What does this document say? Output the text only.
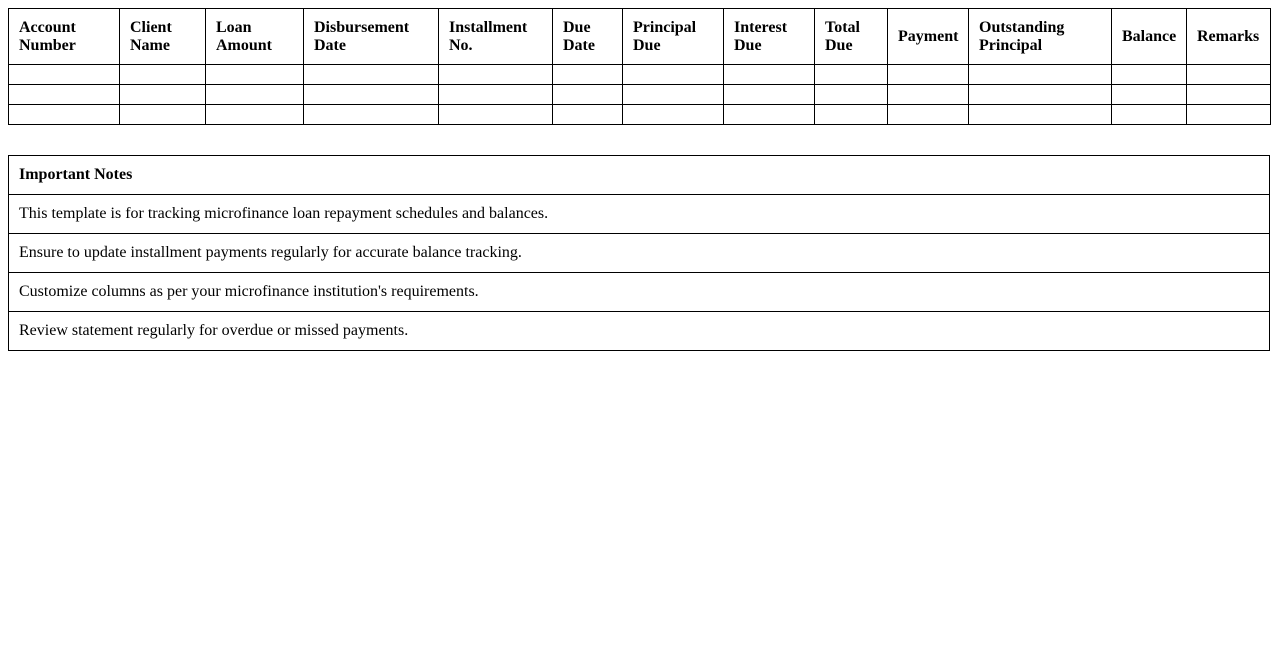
Account Number	Client Name	Loan Amount	Disbursement Date	Installment No.	Due Date	Principal Due	Interest Due	Total Due	Payment	Outstanding Principal	Balance	Remarks

Important Notes
This template is for tracking microfinance loan repayment schedules and balances.
Ensure to update installment payments regularly for accurate balance tracking.
Customize columns as per your microfinance institution's requirements.
Review statement regularly for overdue or missed payments.
